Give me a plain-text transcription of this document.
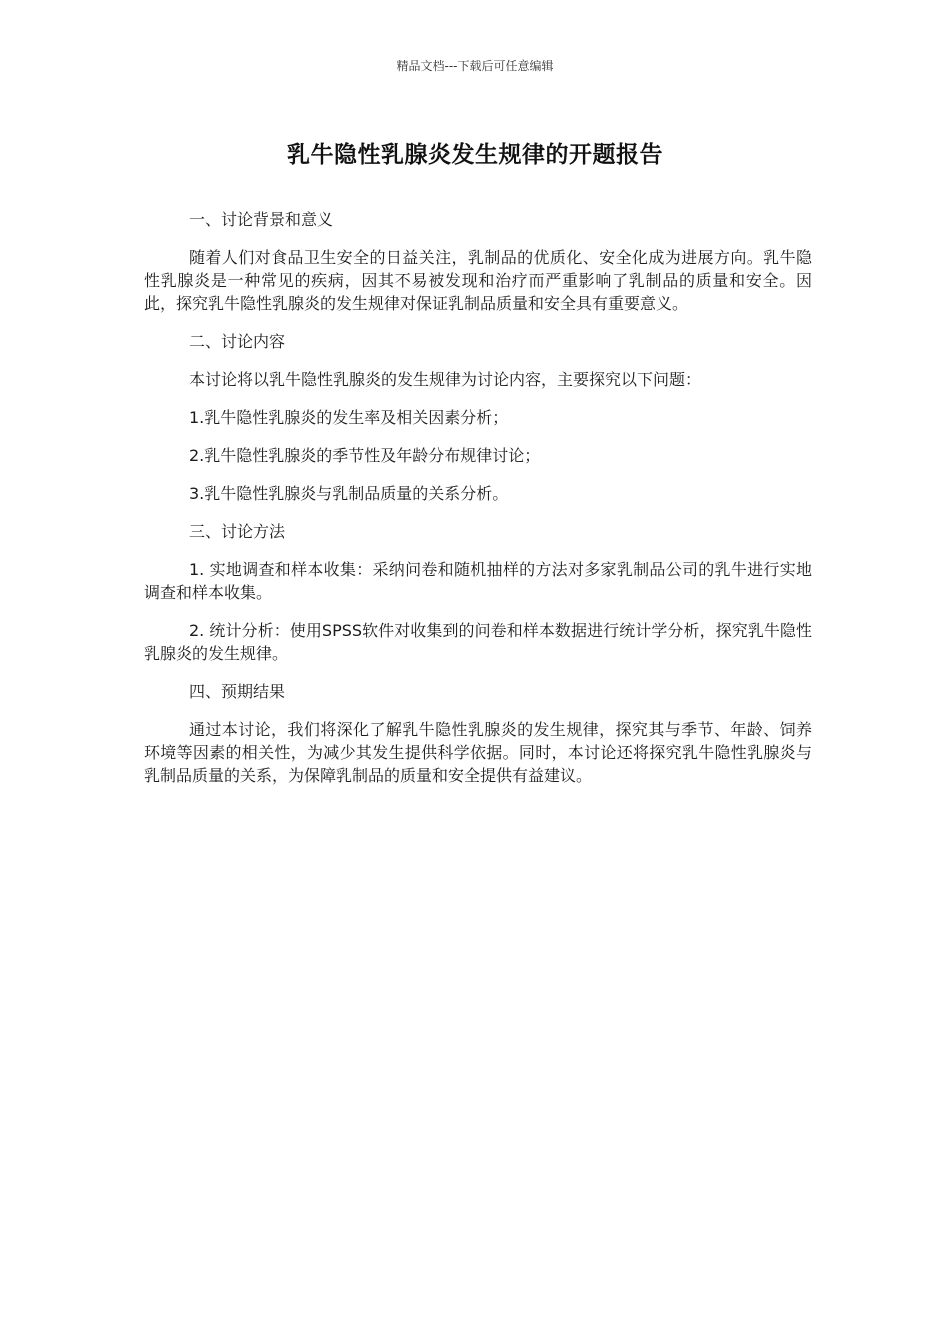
精品文档---下载后可任意编辑
乳牛隐性乳腺炎发生规律的开题报告

一、讨论背景和意义

随着人们对食品卫生安全的日益关注，乳制品的优质化、安全化成为进展方向。乳牛隐性乳腺炎是一种常见的疾病，因其不易被发现和治疗而严重影响了乳制品的质量和安全。因此，探究乳牛隐性乳腺炎的发生规律对保证乳制品质量和安全具有重要意义。

二、讨论内容

本讨论将以乳牛隐性乳腺炎的发生规律为讨论内容，主要探究以下问题：

1.乳牛隐性乳腺炎的发生率及相关因素分析；

2.乳牛隐性乳腺炎的季节性及年龄分布规律讨论；

3.乳牛隐性乳腺炎与乳制品质量的关系分析。

三、讨论方法

1. 实地调查和样本收集：采纳问卷和随机抽样的方法对多家乳制品公司的乳牛进行实地调查和样本收集。

2. 统计分析：使用SPSS软件对收集到的问卷和样本数据进行统计学分析，探究乳牛隐性乳腺炎的发生规律。

四、预期结果

通过本讨论，我们将深化了解乳牛隐性乳腺炎的发生规律，探究其与季节、年龄、饲养环境等因素的相关性，为减少其发生提供科学依据。同时，本讨论还将探究乳牛隐性乳腺炎与乳制品质量的关系，为保障乳制品的质量和安全提供有益建议。
